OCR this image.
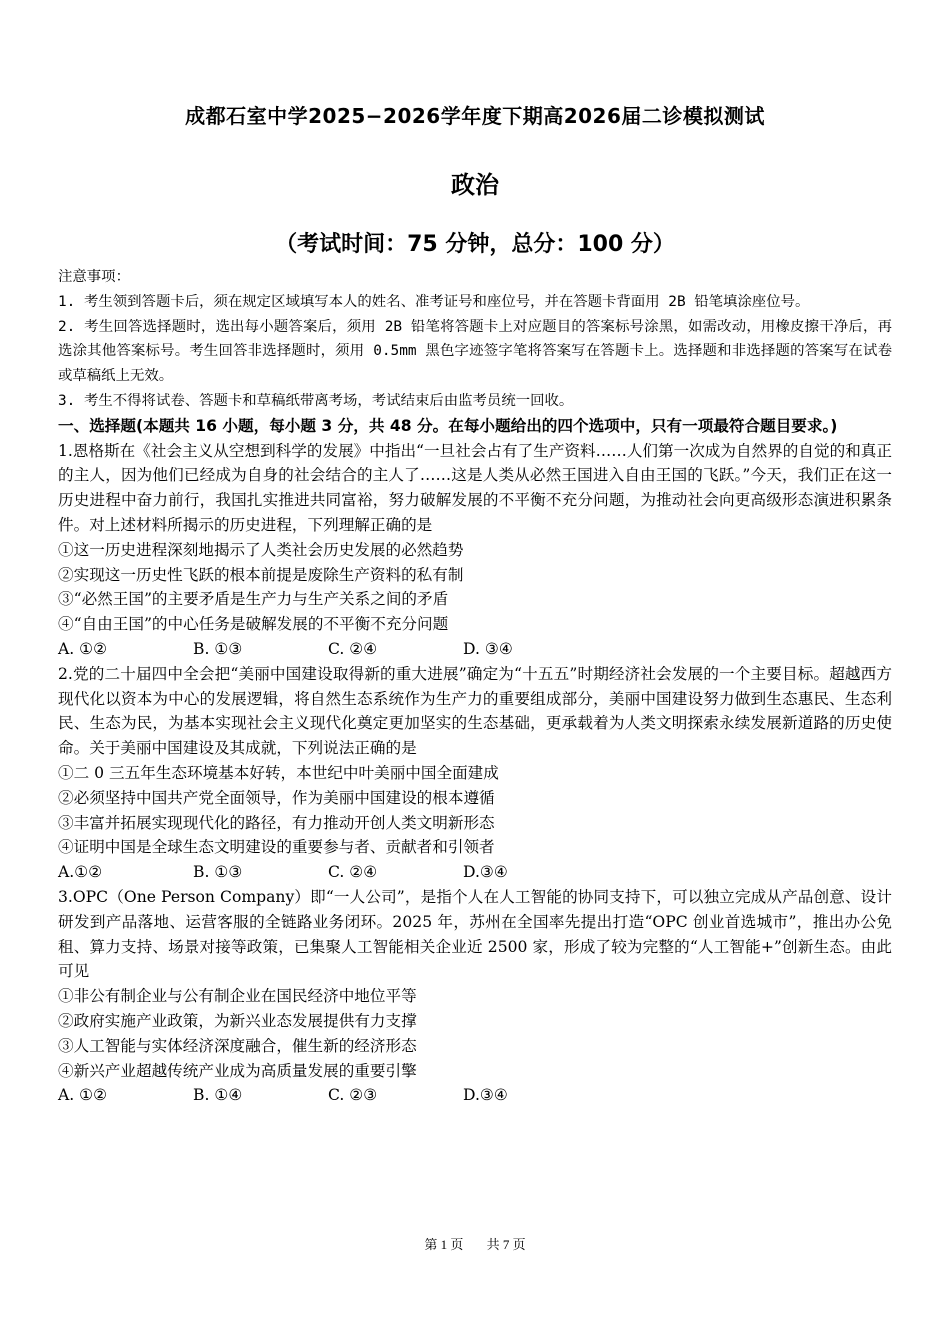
成都石室中学2025−2026学年度下期高2026届二诊模拟测试
政治
（考试时间：75 分钟，总分：100 分）

注意事项：

1. 考生领到答题卡后，须在规定区域填写本人的姓名、准考证号和座位号，并在答题卡背面用 2B 铅笔填涂座位号。

2. 考生回答选择题时，选出每小题答案后，须用 2B 铅笔将答题卡上对应题目的答案标号涂黑，如需改动，用橡皮擦干净后，再选涂其他答案标号。考生回答非选择题时，须用 0.5mm 黑色字迹签字笔将答案写在答题卡上。选择题和非选择题的答案写在试卷 或草稿纸上无效。

3. 考生不得将试卷、答题卡和草稿纸带离考场，考试结束后由监考员统一回收。

一、选择题(本题共 16 小题，每小题 3 分，共 48 分。在每小题给出的四个选项中，只有一项最符合题目要求。)

1.恩格斯在《社会主义从空想到科学的发展》中指出“一旦社会占有了生产资料……人们第一次成为自然界的自觉的和真正的主人，因为他们已经成为自身的社会结合的主人了……这是人类从必然王国进入自由王国的飞跃。”今天，我们正在这一历史进程中奋力前行，我国扎实推进共同富裕，努力破解发展的不平衡不充分问题，为推动社会向更高级形态演进积累条件。对上述材料所揭示的历史进程，下列理解正确的是

①这一历史进程深刻地揭示了人类社会历史发展的必然趋势

②实现这一历史性飞跃的根本前提是废除生产资料的私有制

③“必然王国”的主要矛盾是生产力与生产关系之间的矛盾

④“自由王国”的中心任务是破解发展的不平衡不充分问题

A. ①②	B. ①③	C. ②④	D. ③④

2.党的二十届四中全会把“美丽中国建设取得新的重大进展”确定为“十五五”时期经济社会发展的一个主要目标。超越西方现代化以资本为中心的发展逻辑，将自然生态系统作为生产力的重要组成部分，美丽中国建设努力做到生态惠民、生态利民、生态为民，为基本实现社会主义现代化奠定更加坚实的生态基础，更承载着为人类文明探索永续发展新道路的历史使命。关于美丽中国建设及其成就，下列说法正确的是

①二 0 三五年生态环境基本好转，本世纪中叶美丽中国全面建成

②必须坚持中国共产党全面领导，作为美丽中国建设的根本遵循

③丰富并拓展实现现代化的路径，有力推动开创人类文明新形态

④证明中国是全球生态文明建设的重要参与者、贡献者和引领者

A.①②	B. ①③	C. ②④	D.③④

3.OPC（One Person Company）即“一人公司”，是指个人在人工智能的协同支持下，可以独立完成从产品创意、设计研发到产品落地、运营客服的全链路业务闭环。2025 年，苏州在全国率先提出打造“OPC 创业首选城市”，推出办公免租、算力支持、场景对接等政策，已集聚人工智能相关企业近 2500 家，形成了较为完整的“人工智能+”创新生态。由此可见

①非公有制企业与公有制企业在国民经济中地位平等

②政府实施产业政策，为新兴业态发展提供有力支撑

③人工智能与实体经济深度融合，催生新的经济形态

④新兴产业超越传统产业成为高质量发展的重要引擎

A. ①②	B. ①④	C. ②③	D.③④
第 1 页 共 7 页
